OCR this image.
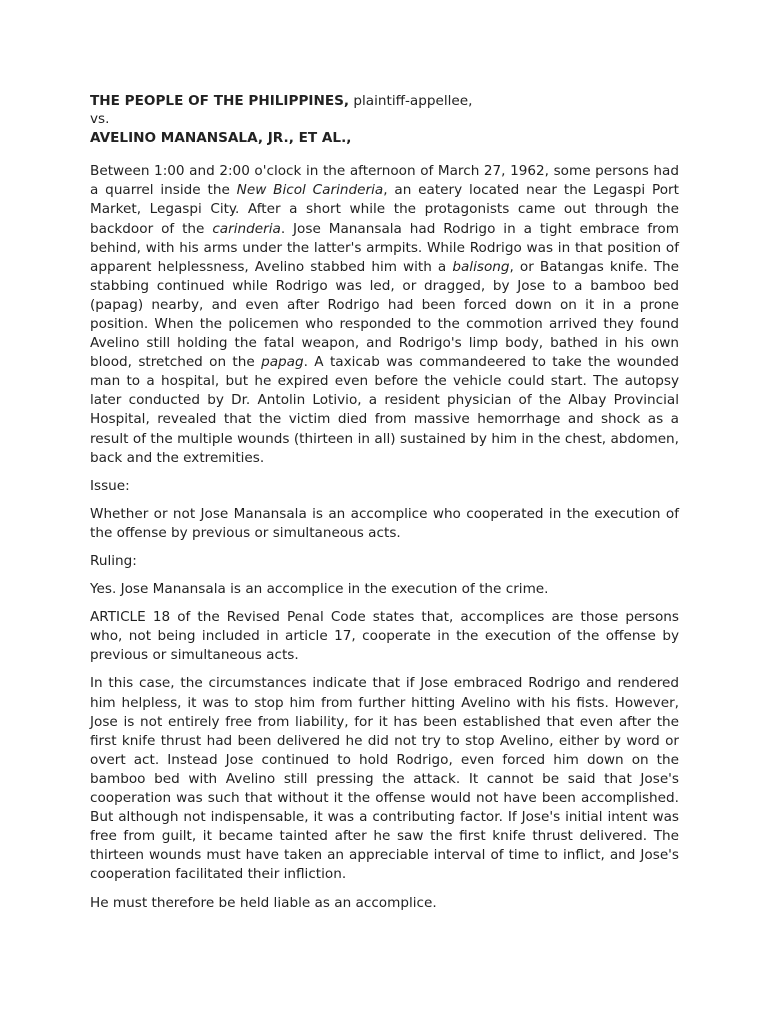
THE PEOPLE OF THE PHILIPPINES, plaintiff-appellee,
vs.
AVELINO MANANSALA, JR., ET AL.,

Between 1:00 and 2:00 o'clock in the afternoon of March 27, 1962, some persons had a quarrel inside the New Bicol Carinderia, an eatery located near the Legaspi Port Market, Legaspi City. After a short while the protagonists came out through the backdoor of the carinderia. Jose Manansala had Rodrigo in a tight embrace from behind, with his arms under the latter's armpits. While Rodrigo was in that position of apparent helplessness, Avelino stabbed him with a balisong, or Batangas knife. The stabbing continued while Rodrigo was led, or dragged, by Jose to a bamboo bed (papag) nearby, and even after Rodrigo had been forced down on it in a prone position. When the policemen who responded to the commotion arrived they found Avelino still holding the fatal weapon, and Rodrigo's limp body, bathed in his own blood, stretched on the papag. A taxicab was commandeered to take the wounded man to a hospital, but he expired even before the vehicle could start. The autopsy later conducted by Dr. Antolin Lotivio, a resident physician of the Albay Provincial Hospital, revealed that the victim died from massive hemorrhage and shock as a result of the multiple wounds (thirteen in all) sustained by him in the chest, abdomen, back and the extremities.

Issue:

Whether or not Jose Manansala is an accomplice who cooperated in the execution of the offense by previous or simultaneous acts.

Ruling:

Yes. Jose Manansala is an accomplice in the execution of the crime.

ARTICLE 18 of the Revised Penal Code states that, accomplices are those persons who, not being included in article 17, cooperate in the execution of the offense by previous or simultaneous acts.

In this case, the circumstances indicate that if Jose embraced Rodrigo and rendered him helpless, it was to stop him from further hitting Avelino with his fists. However, Jose is not entirely free from liability, for it has been established that even after the first knife thrust had been delivered he did not try to stop Avelino, either by word or overt act. Instead Jose continued to hold Rodrigo, even forced him down on the bamboo bed with Avelino still pressing the attack. It cannot be said that Jose's cooperation was such that without it the offense would not have been accomplished. But although not indispensable, it was a contributing factor. If Jose's initial intent was free from guilt, it became tainted after he saw the first knife thrust delivered. The thirteen wounds must have taken an appreciable interval of time to inflict, and Jose's cooperation facilitated their infliction.

He must therefore be held liable as an accomplice.
